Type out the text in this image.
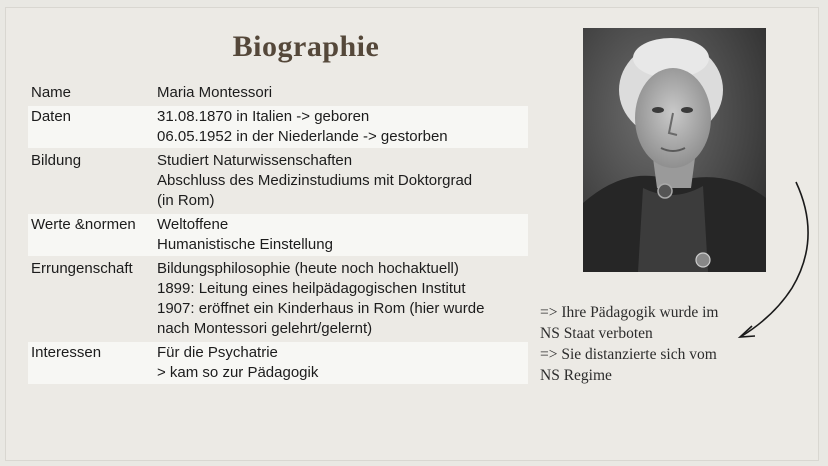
Biographie
Name	Maria Montessori

Daten	31.08.1870 in Italien -> geboren
06.05.1952 in der Niederlande -> gestorben

Bildung	Studiert Naturwissenschaften
Abschluss des Medizinstudiums mit Doktorgrad
(in Rom)

Werte &normen	Weltoffene
Humanistische Einstellung

Errungenschaft	Bildungsphilosophie (heute noch hochaktuell)
1899: Leitung eines heilpädagogischen Institut
1907: eröffnet ein Kinderhaus in Rom (hier wurde
nach Montessori gelehrt/gelernt)

Interessen	Für die Psychatrie
> kam so zur Pädagogik
=> Ihre Pädagogik wurde im
NS Staat verboten
=> Sie distanzierte sich vom
NS Regime
